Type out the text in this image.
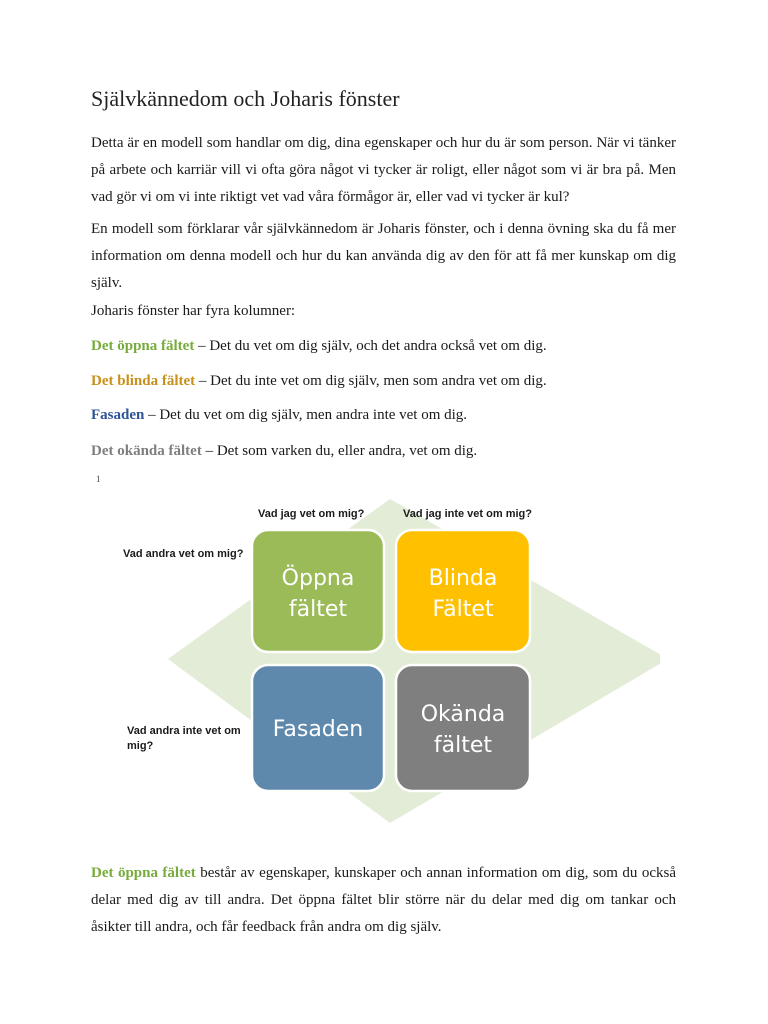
Självkännedom och Joharis fönster
Detta är en modell som handlar om dig, dina egenskaper och hur du är som person. När vi tänker på arbete och karriär vill vi ofta göra något vi tycker är roligt, eller något som vi är bra på. Men vad gör vi om vi inte riktigt vet vad våra förmågor är, eller vad vi tycker är kul?
En modell som förklarar vår självkännedom är Joharis fönster, och i denna övning ska du få mer information om denna modell och hur du kan använda dig av den för att få mer kunskap om dig själv.
Joharis fönster har fyra kolumner:
Det öppna fältet – Det du vet om dig själv, och det andra också vet om dig.
Det blinda fältet – Det du inte vet om dig själv, men som andra vet om dig.
Fasaden – Det du vet om dig själv, men andra inte vet om dig.
Det okända fältet – Det som varken du, eller andra, vet om dig.
1
Vad jag vet om mig?	Vad jag inte vet om mig?
Vad andra vet om mig?
Vad andra inte vet om
mig?
Öppna
fältet
Blinda
Fältet
Fasaden
Okända
fältet
Det öppna fältet består av egenskaper, kunskaper och annan information om dig, som du också delar med dig av till andra. Det öppna fältet blir större när du delar med dig om tankar och åsikter till andra, och får feedback från andra om dig själv.
